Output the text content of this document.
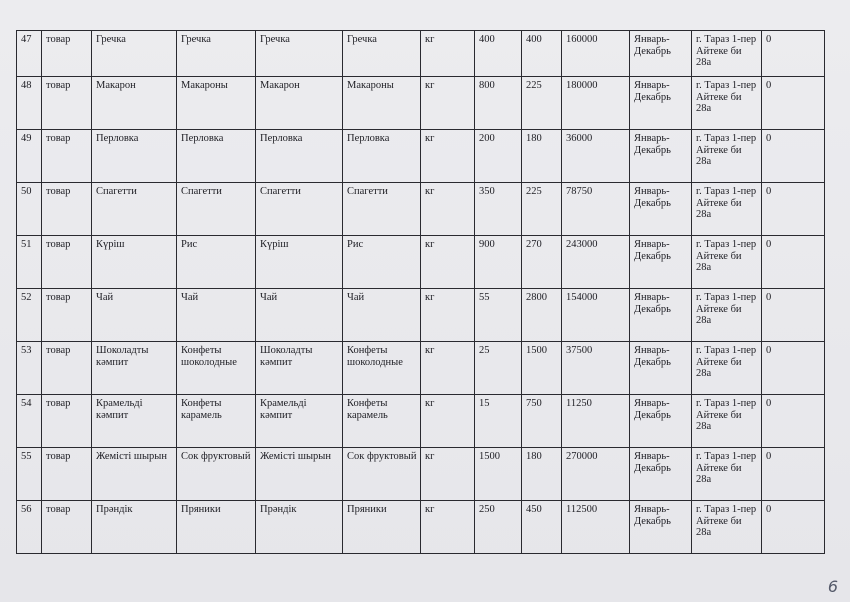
47	товар	Гречка	Гречка	Гречка	Гречка	кг	400	400	160000	Январь-Декабрь	г. Тараз 1-пер Айтеке би 28а	0
48	товар	Макарон	Макароны	Макарон	Макароны	кг	800	225	180000	Январь-Декабрь	г. Тараз 1-пер Айтеке би 28а	0
49	товар	Перловка	Перловка	Перловка	Перловка	кг	200	180	36000	Январь-Декабрь	г. Тараз 1-пер Айтеке би 28а	0
50	товар	Спагетти	Спагетти	Спагетти	Спагетти	кг	350	225	78750	Январь-Декабрь	г. Тараз 1-пер Айтеке би 28а	0
51	товар	Күріш	Рис	Күріш	Рис	кг	900	270	243000	Январь-Декабрь	г. Тараз 1-пер Айтеке би 28а	0
52	товар	Чай	Чай	Чай	Чай	кг	55	2800	154000	Январь-Декабрь	г. Тараз 1-пер Айтеке би 28а	0
53	товар	Шоколадты кәмпит	Конфеты шоколодные	Шоколадты кәмпит	Конфеты шоколодные	кг	25	1500	37500	Январь-Декабрь	г. Тараз 1-пер Айтеке би 28а	0
54	товар	Крамельді кәмпит	Конфеты карамель	Крамельді кәмпит	Конфеты карамель	кг	15	750	11250	Январь-Декабрь	г. Тараз 1-пер Айтеке би 28а	0
55	товар	Жемісті шырын	Сок фруктовый	Жемісті шырын	Сок фруктовый	кг	1500	180	270000	Январь-Декабрь	г. Тараз 1-пер Айтеке би 28а	0
56	товар	Прәндік	Пряники	Прәндік	Пряники	кг	250	450	112500	Январь-Декабрь	г. Тараз 1-пер Айтеке би 28а	0
6
